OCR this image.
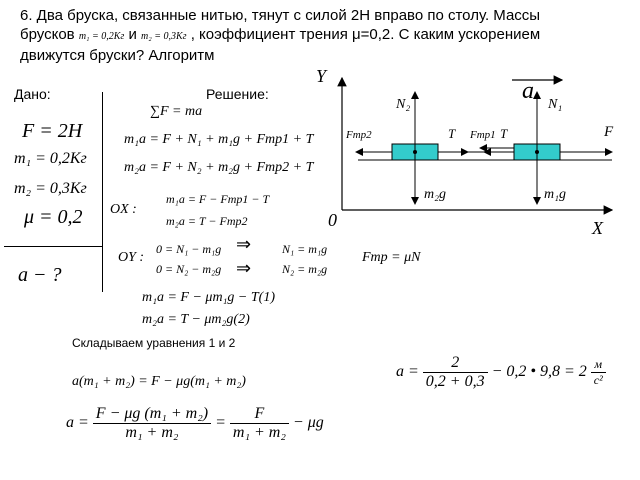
6. Два бруска, связанные нитью, тянут с силой 2Н вправо по столу. Массы
брусков m₁ = 0,2Кг и m₂ = 0,3Кг , коэффициент трения μ=0,2. С каким ускорением
движутся бруски? Алгоритм
Дано:
F = 2H
m₁ = 0,2Кг
m₂ = 0,3Кг
μ = 0,2
a − ?
Решение:
∑F = ma
m₁a = F + N₁ + m₁g + Fтр1 + T
m₂a = F + N₂ + m₂g + Fтр2 + T
OX :
m₁a = F − Fтр1 − T
m₂a = T − Fтр2
OY :
0 = N₁ − m₁g
0 = N₂ − m₂g
⇒
⇒
N₁ = m₁g
N₂ = m₂g
Fтр = μN
m₁a = F − μm₁g − T(1)
m₂a = T − μm₂g(2)
Складываем уравнения 1 и 2
a(m₁ + m₂) = F − μg(m₁ + m₂)
$a = \frac{\text{F − μg (m₁ + m₂)}}{\text{m₁ + m₂}} = \frac{F}{\text{m₁ + m₂}} - \mu g$
$a = \frac{2}{0,2 + 0,3} - 0,2$ • $9,8 = 2 \frac{м}{\text{с²}}$
Y
X
0
a
N₂	N₁
m₂g	m₁g
T	T
Fтр2	Fтр1	F
